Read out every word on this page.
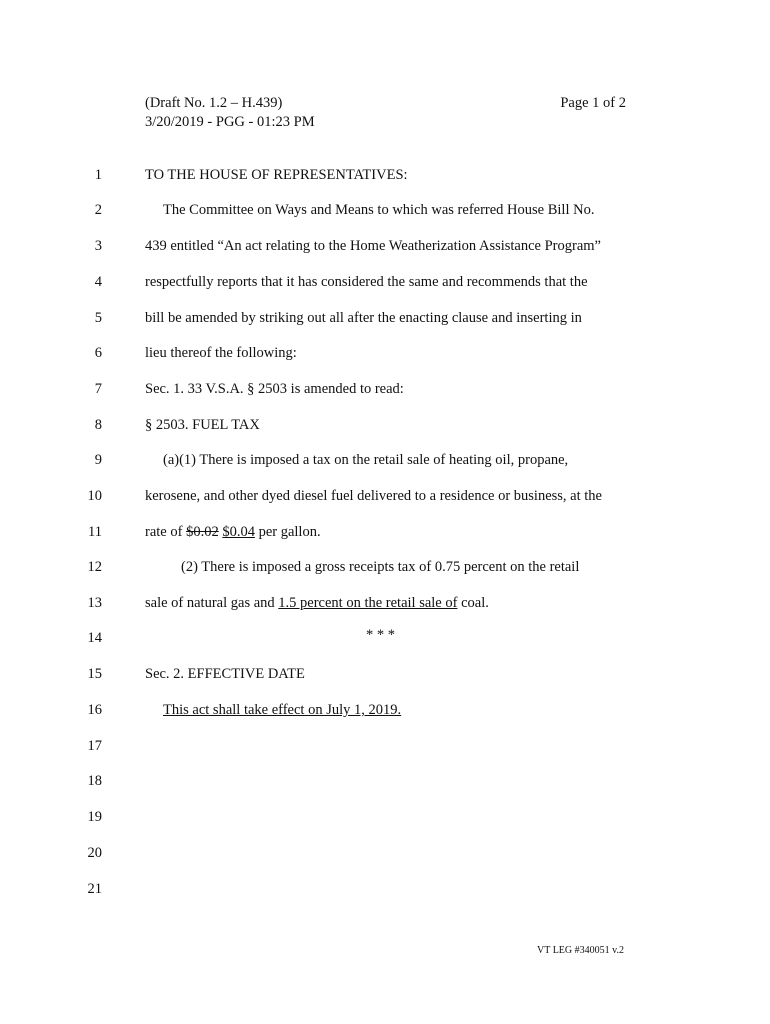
(Draft No. 1.2 – H.439)
3/20/2019 - PGG - 01:23 PM
Page 1 of 2
1	TO THE HOUSE OF REPRESENTATIVES:
2	The Committee on Ways and Means to which was referred House Bill No.
3	439 entitled “An act relating to the Home Weatherization Assistance Program”
4	respectfully reports that it has considered the same and recommends that the
5	bill be amended by striking out all after the enacting clause and inserting in
6	lieu thereof the following:
7	Sec. 1. 33 V.S.A. § 2503 is amended to read:
8	§ 2503. FUEL TAX
9	(a)(1) There is imposed a tax on the retail sale of heating oil, propane,
10	kerosene, and other dyed diesel fuel delivered to a residence or business, at the
11	rate of $0.02 $0.04 per gallon.
12	(2) There is imposed a gross receipts tax of 0.75 percent on the retail
13	sale of natural gas and 1.5 percent on the retail sale of coal.
14	* * *
15	Sec. 2. EFFECTIVE DATE
16	This act shall take effect on July 1, 2019.
17
18
19
20
21
VT LEG #340051 v.2
